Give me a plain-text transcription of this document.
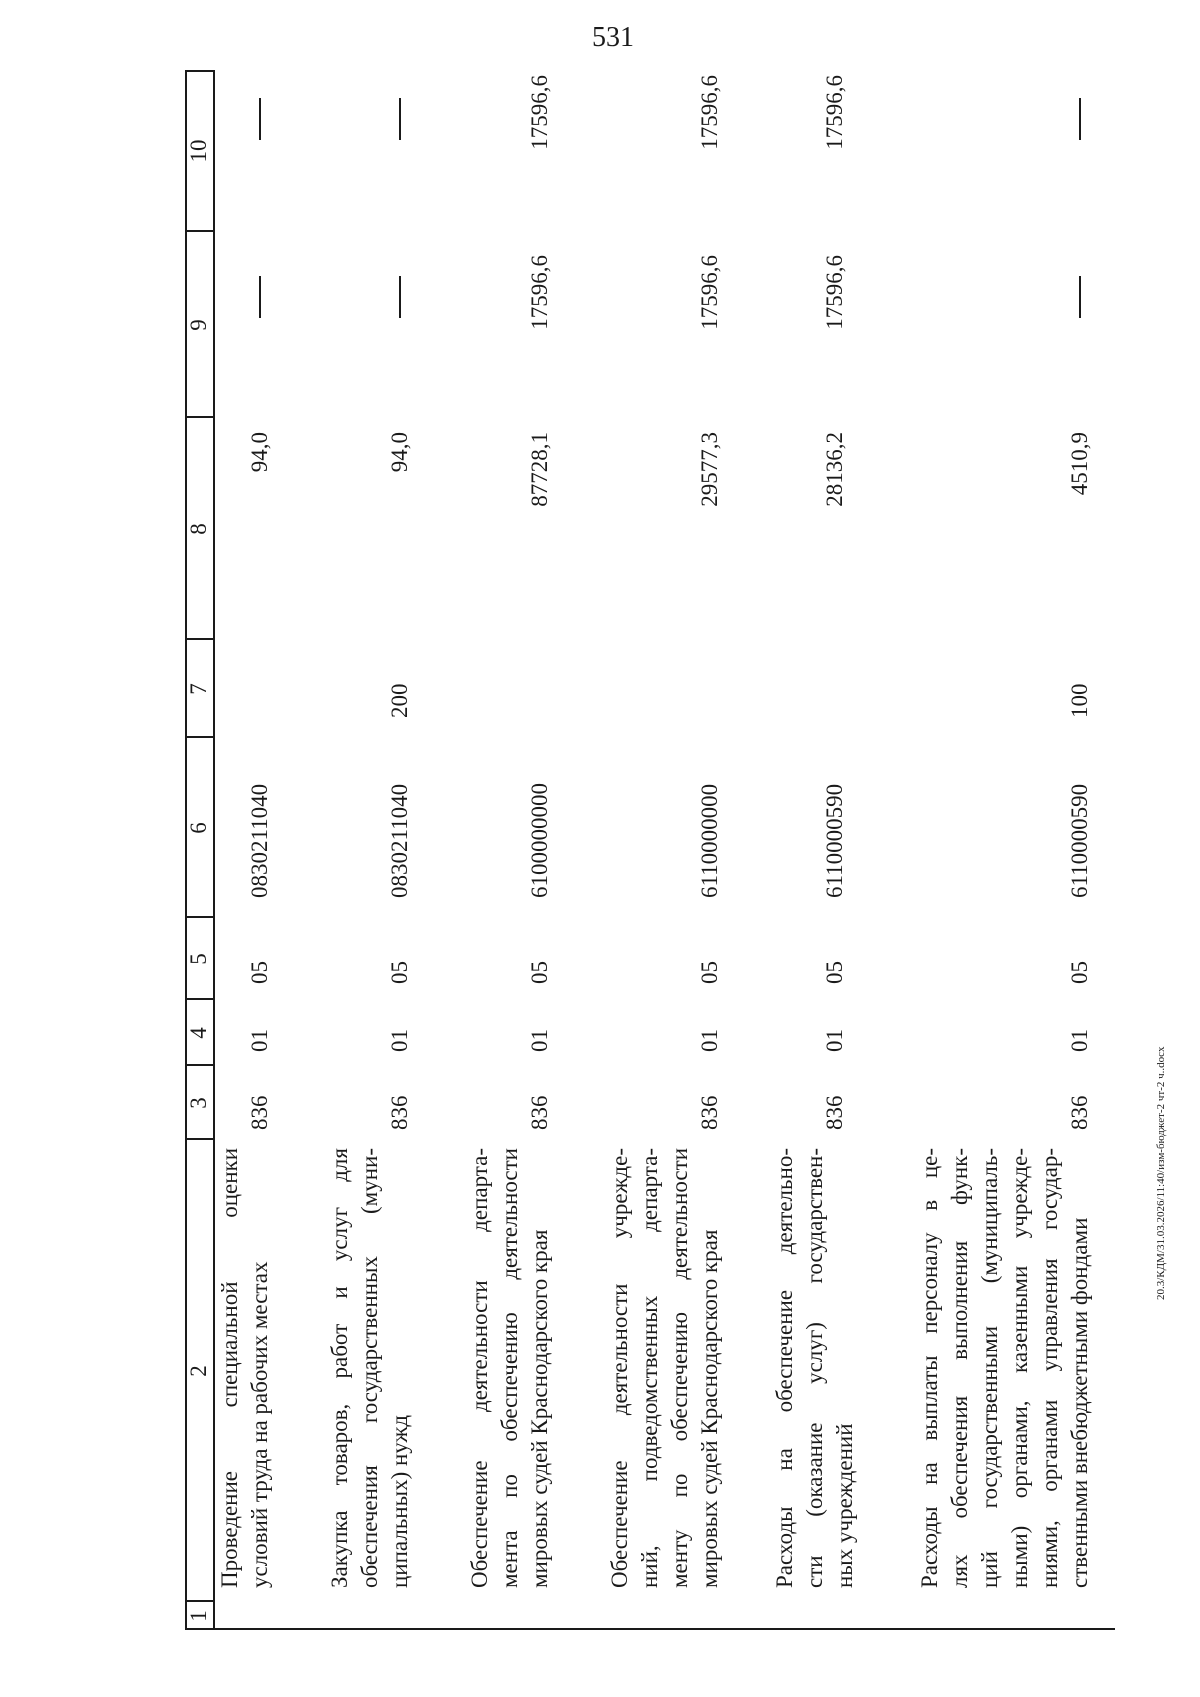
531
20.3/КДМ/31.03.2026/11:40/изм-бюджет-2 чт-2 ч..docx
1
2
3
4
5
6
7
8
9
10
Проведение специальной оценки условий труда на рабочих местах
836
01
05
0830211040
94,0
Закупка товаров, работ и услуг для обеспечения государственных (муни- ципальных) нужд
836
01
05
0830211040
200
94,0
Обеспечение деятельности департа- мента по обеспечению деятельности мировых судей Краснодарского края
836
01
05
6100000000
87728,1
17596,6
17596,6
Обеспечение деятельности учрежде- ний, подведомственных департа- менту по обеспечению деятельности мировых судей Краснодарского края
836
01
05
6110000000
29577,3
17596,6
17596,6
Расходы на обеспечение деятельно- сти (оказание услуг) государствен- ных учреждений
836
01
05
6110000590
28136,2
17596,6
17596,6
Расходы на выплаты персоналу в це- лях обеспечения выполнения функ- ций государственными (муниципаль- ными) органами, казенными учрежде- ниями, органами управления государ- ственными внебюджетными фондами
836
01
05
6110000590
100
4510,9
